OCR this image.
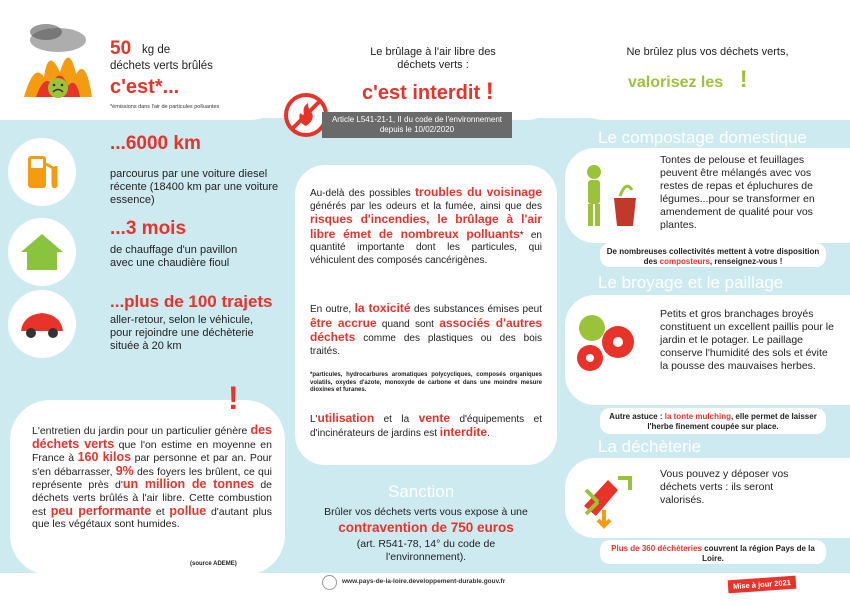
50 kg de
déchets verts brûlés
c'est*...
*émissions dans l'air de particules polluantes
...6000 km
parcourus par une voiture diesel récente (18400 km par une voiture essence)
...3 mois
de chauffage d'un pavillon avec une chaudière fioul
...plus de 100 trajets
aller-retour, selon le véhicule, pour rejoindre une déchèterie située à 20 km
!
L'entretien du jardin pour un particulier génère des déchets verts que l'on estime en moyenne en France à 160 kilos par personne et par an. Pour s'en débarrasser, 9% des foyers les brûlent, ce qui représente près d'un million de tonnes de déchets verts brûlés à l'air libre. Cette combustion est peu performante et pollue d'autant plus que les végétaux sont humides.
(source ADEME)
Le brûlage à l'air libre des déchets verts :
c'est interdit !
Article L541-21-1, II du code de l'environnement depuis le 10/02/2020
Au-delà des possibles troubles du voisinage générés par les odeurs et la fumée, ainsi que des risques d'incendies, le brûlage à l'air libre émet de nombreux polluants* en quantité importante dont les particules, qui véhiculent des composés cancérigènes.
En outre, la toxicité des substances émises peut être accrue quand sont associés d'autres déchets comme des plastiques ou des bois traités.
*particules, hydrocarbures aromatiques polycycliques, composés organiques volatils, oxydes d'azote, monoxyde de carbone et dans une moindre mesure dioxines et furanes.
L'utilisation et la vente d'équipements et d'incinérateurs de jardins est interdite.
Sanction
Brûler vos déchets verts vous expose à une
contravention de 750 euros
(art. R541-78, 14° du code de l'environnement).
Ne brûlez plus vos déchets verts,
valorisez les !
Le compostage domestique
Tontes de pelouse et feuillages peuvent être mélangés avec vos restes de repas et épluchures de légumes...pour se transformer en amendement de qualité pour vos plantes.
De nombreuses collectivités mettent à votre disposition des composteurs, renseignez-vous !
Le broyage et le paillage
Petits et gros branchages broyés constituent un excellent paillis pour le jardin et le potager. Le paillage conserve l'humidité des sols et évite la pousse des mauvaises herbes.
Autre astuce : la tonte mulching, elle permet de laisser l'herbe finement coupée sur place.
La déchèterie
Vous pouvez y déposer vos déchets verts : ils seront valorisés.
Plus de 360 déchèteries couvrent la région Pays de la Loire.
www.pays-de-la-loire.developpement-durable.gouv.fr	Mise à jour 2021
